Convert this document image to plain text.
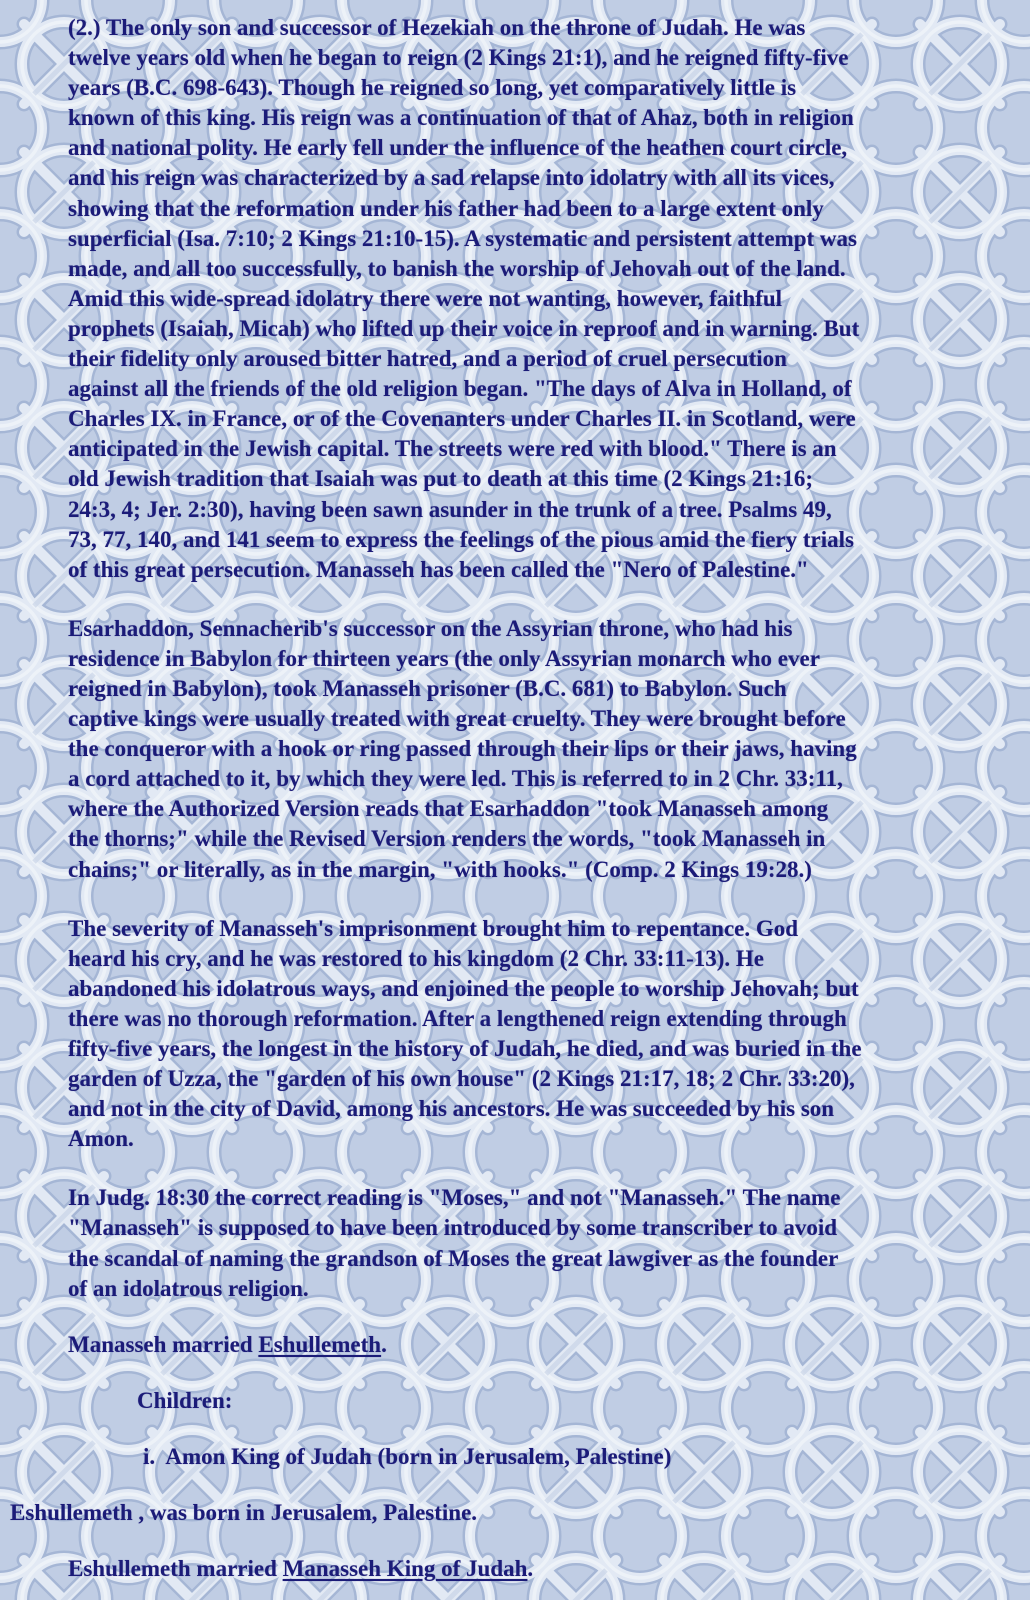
(2.) The only son and successor of Hezekiah on the throne of Judah. He was
twelve years old when he began to reign (2 Kings 21:1), and he reigned fifty-five
years (B.C. 698-643). Though he reigned so long, yet comparatively little is
known of this king. His reign was a continuation of that of Ahaz, both in religion
and national polity. He early fell under the influence of the heathen court circle,
and his reign was characterized by a sad relapse into idolatry with all its vices,
showing that the reformation under his father had been to a large extent only
superficial (Isa. 7:10; 2 Kings 21:10-15). A systematic and persistent attempt was
made, and all too successfully, to banish the worship of Jehovah out of the land.
Amid this wide-spread idolatry there were not wanting, however, faithful
prophets (Isaiah, Micah) who lifted up their voice in reproof and in warning. But
their fidelity only aroused bitter hatred, and a period of cruel persecution
against all the friends of the old religion began. "The days of Alva in Holland, of
Charles IX. in France, or of the Covenanters under Charles II. in Scotland, were
anticipated in the Jewish capital. The streets were red with blood." There is an
old Jewish tradition that Isaiah was put to death at this time (2 Kings 21:16;
24:3, 4; Jer. 2:30), having been sawn asunder in the trunk of a tree. Psalms 49,
73, 77, 140, and 141 seem to express the feelings of the pious amid the fiery trials
of this great persecution. Manasseh has been called the "Nero of Palestine."

Esarhaddon, Sennacherib's successor on the Assyrian throne, who had his
residence in Babylon for thirteen years (the only Assyrian monarch who ever
reigned in Babylon), took Manasseh prisoner (B.C. 681) to Babylon. Such
captive kings were usually treated with great cruelty. They were brought before
the conqueror with a hook or ring passed through their lips or their jaws, having
a cord attached to it, by which they were led. This is referred to in 2 Chr. 33:11,
where the Authorized Version reads that Esarhaddon "took Manasseh among
the thorns;" while the Revised Version renders the words, "took Manasseh in
chains;" or literally, as in the margin, "with hooks." (Comp. 2 Kings 19:28.)

The severity of Manasseh's imprisonment brought him to repentance. God
heard his cry, and he was restored to his kingdom (2 Chr. 33:11-13). He
abandoned his idolatrous ways, and enjoined the people to worship Jehovah; but
there was no thorough reformation. After a lengthened reign extending through
fifty-five years, the longest in the history of Judah, he died, and was buried in the
garden of Uzza, the "garden of his own house" (2 Kings 21:17, 18; 2 Chr. 33:20),
and not in the city of David, among his ancestors. He was succeeded by his son
Amon.

In Judg. 18:30 the correct reading is "Moses," and not "Manasseh." The name
"Manasseh" is supposed to have been introduced by some transcriber to avoid
the scandal of naming the grandson of Moses the great lawgiver as the founder
of an idolatrous religion.

Manasseh married Eshullemeth.

Children:

i.  Amon King of Judah (born in Jerusalem, Palestine)

Eshullemeth , was born in Jerusalem, Palestine.

Eshullemeth married Manasseh King of Judah.
